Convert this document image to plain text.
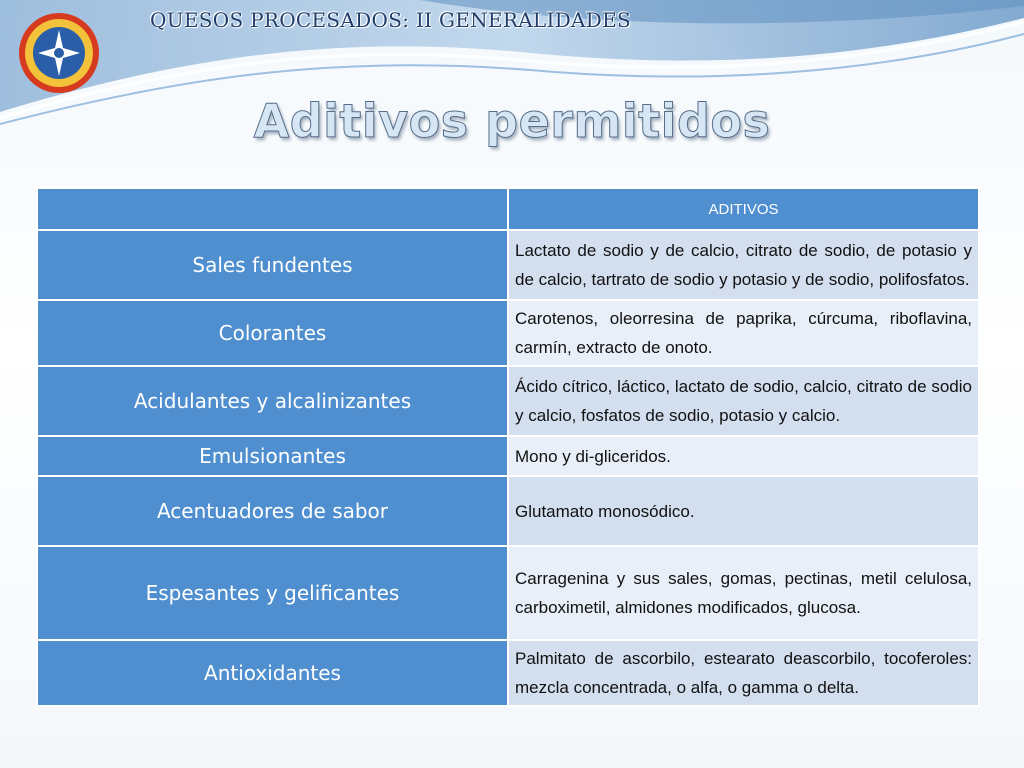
QUESOS PROCESADOS: II GENERALIDADES
Aditivos permitidos
	ADITIVOS
Sales fundentes	Lactato de sodio y de calcio, citrato de sodio, de potasio y de calcio, tartrato de sodio y potasio y de sodio, polifosfatos.
Colorantes	Carotenos, oleorresina de paprika, cúrcuma, riboflavina, carmín, extracto de onoto.
Acidulantes y alcalinizantes	Ácido cítrico, láctico, lactato de sodio, calcio, citrato de sodio y calcio, fosfatos de sodio, potasio y calcio.
Emulsionantes	Mono y di-gliceridos.
Acentuadores de sabor	Glutamato monosódico.
Espesantes y gelificantes	Carragenina y sus sales, gomas, pectinas, metil celulosa, carboximetil, almidones modificados, glucosa.
Antioxidantes	Palmitato de ascorbilo, estearato deascorbilo, tocoferoles: mezcla concentrada, o alfa, o gamma o delta.
